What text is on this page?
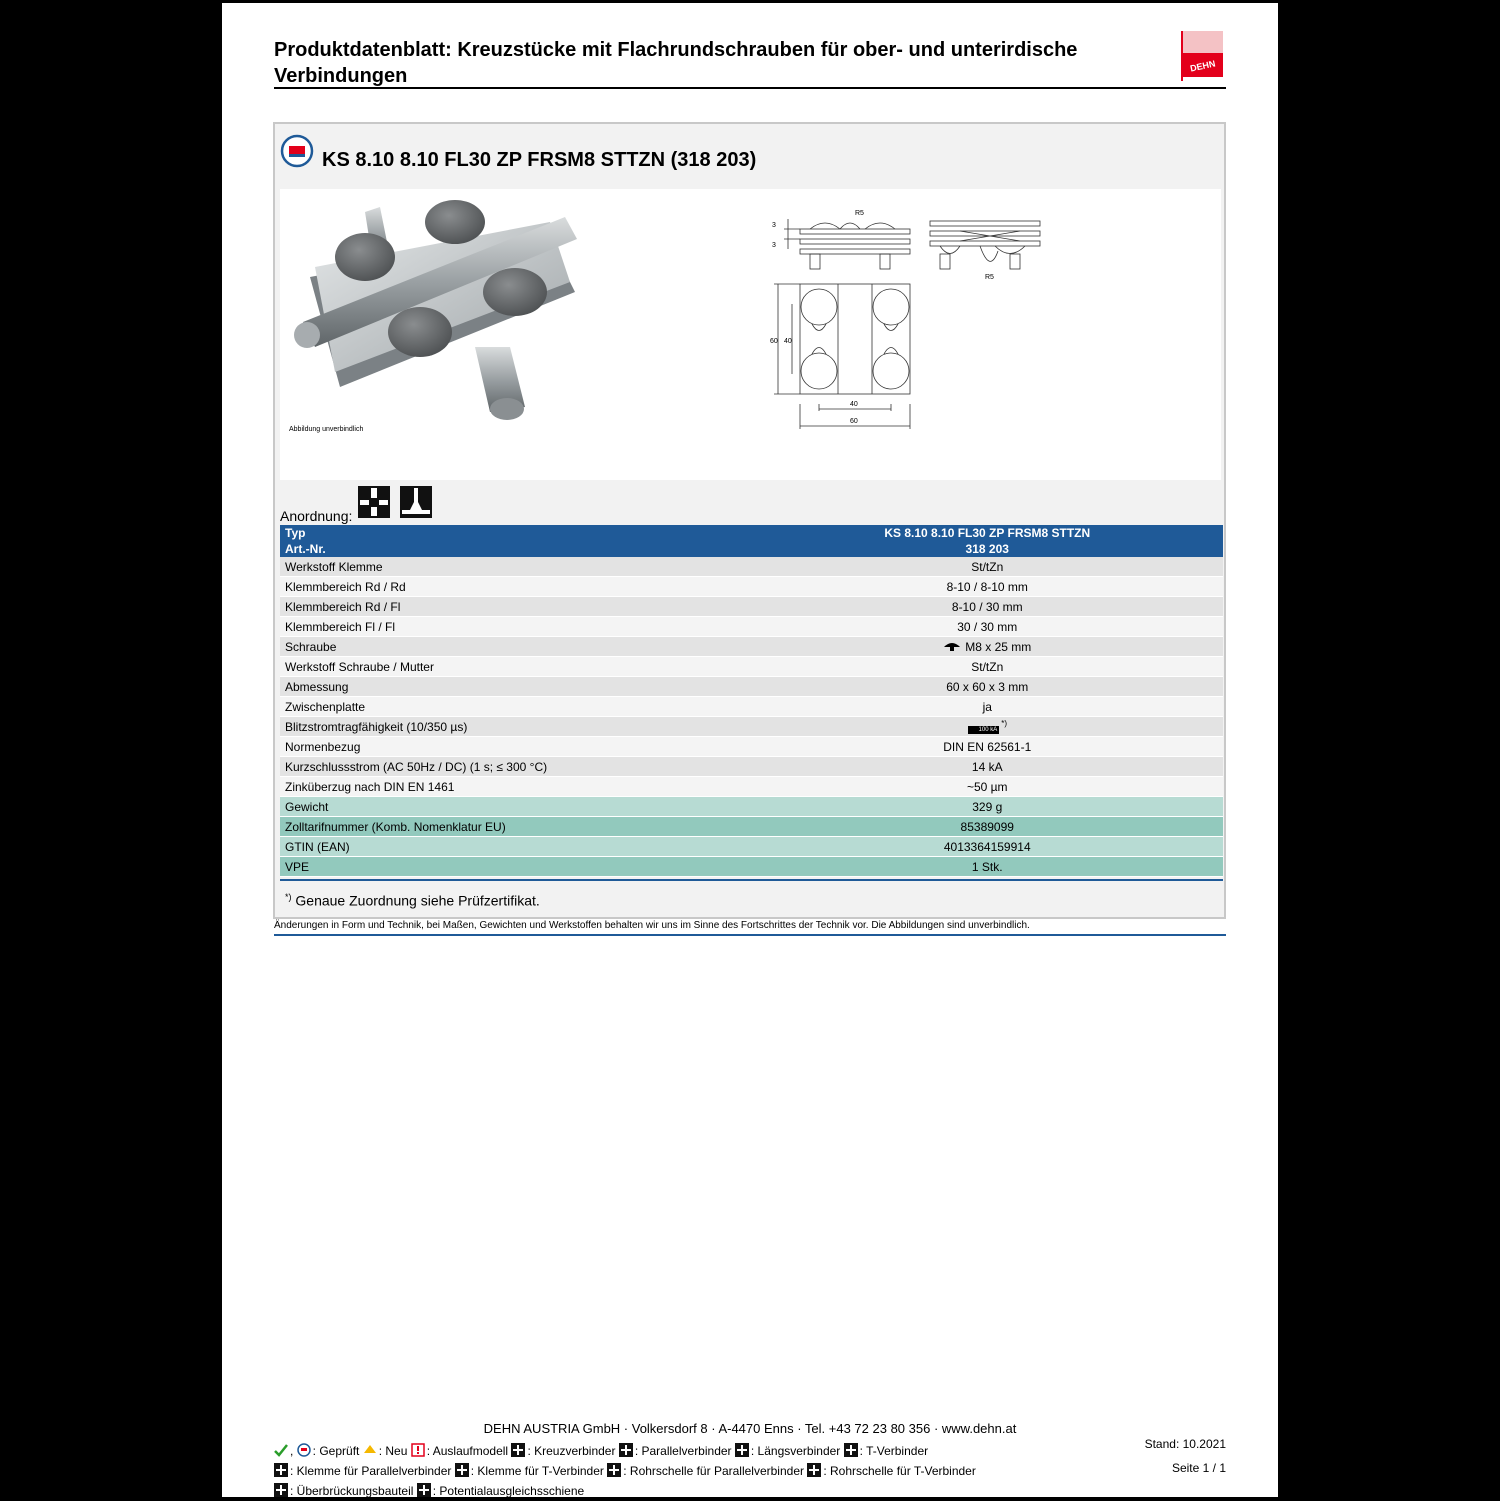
Produktdatenblatt: Kreuzstücke mit Flachrundschrauben für ober- und unterirdische Verbindungen	DEHN
KS 8.10 8.10 FL30 ZP FRSM8 STTZN (318 203)
Abbildung unverbindlich
R5
3
3
60 40
40
60
R5
Anordnung:
Typ	KS 8.10 8.10 FL30 ZP FRSM8 STTZN
Art.-Nr.	318 203
Werkstoff Klemme	St/tZn
Klemmbereich Rd / Rd	8-10 / 8-10 mm
Klemmbereich Rd / Fl	8-10 / 30 mm
Klemmbereich Fl / Fl	30 / 30 mm
Schraube	M8 x 25 mm
Werkstoff Schraube / Mutter	St/tZn
Abmessung	60 x 60 x 3 mm
Zwischenplatte	ja
Blitzstromtragfähigkeit (10/350 µs)	100 kA*)
Normenbezug	DIN EN 62561-1
Kurzschlussstrom (AC 50Hz / DC) (1 s; ≤ 300 °C)	14 kA
Zinküberzug nach DIN EN 1461	~50 µm
Gewicht	329 g
Zolltarifnummer (Komb. Nomenklatur EU)	85389099
GTIN (EAN)	4013364159914
VPE	1 Stk.
*) Genaue Zuordnung siehe Prüfzertifikat.
Änderungen in Form und Technik, bei Maßen, Gewichten und Werkstoffen behalten wir uns im Sinne des Fortschrittes der Technik vor. Die Abbildungen sind unverbindlich.
DEHN AUSTRIA GmbH · Volkersdorf 8 · A-4470 Enns · Tel. +43 72 23 80 356 · www.dehn.at
, : Geprüft : Neu : Auslaufmodell : Kreuzverbinder : Parallelverbinder : Längsverbinder : T-Verbinder
: Klemme für Parallelverbinder : Klemme für T-Verbinder : Rohrschelle für Parallelverbinder : Rohrschelle für T-Verbinder
: Überbrückungsbauteil : Potentialausgleichsschiene
Stand: 10.2021
Seite 1 / 1
